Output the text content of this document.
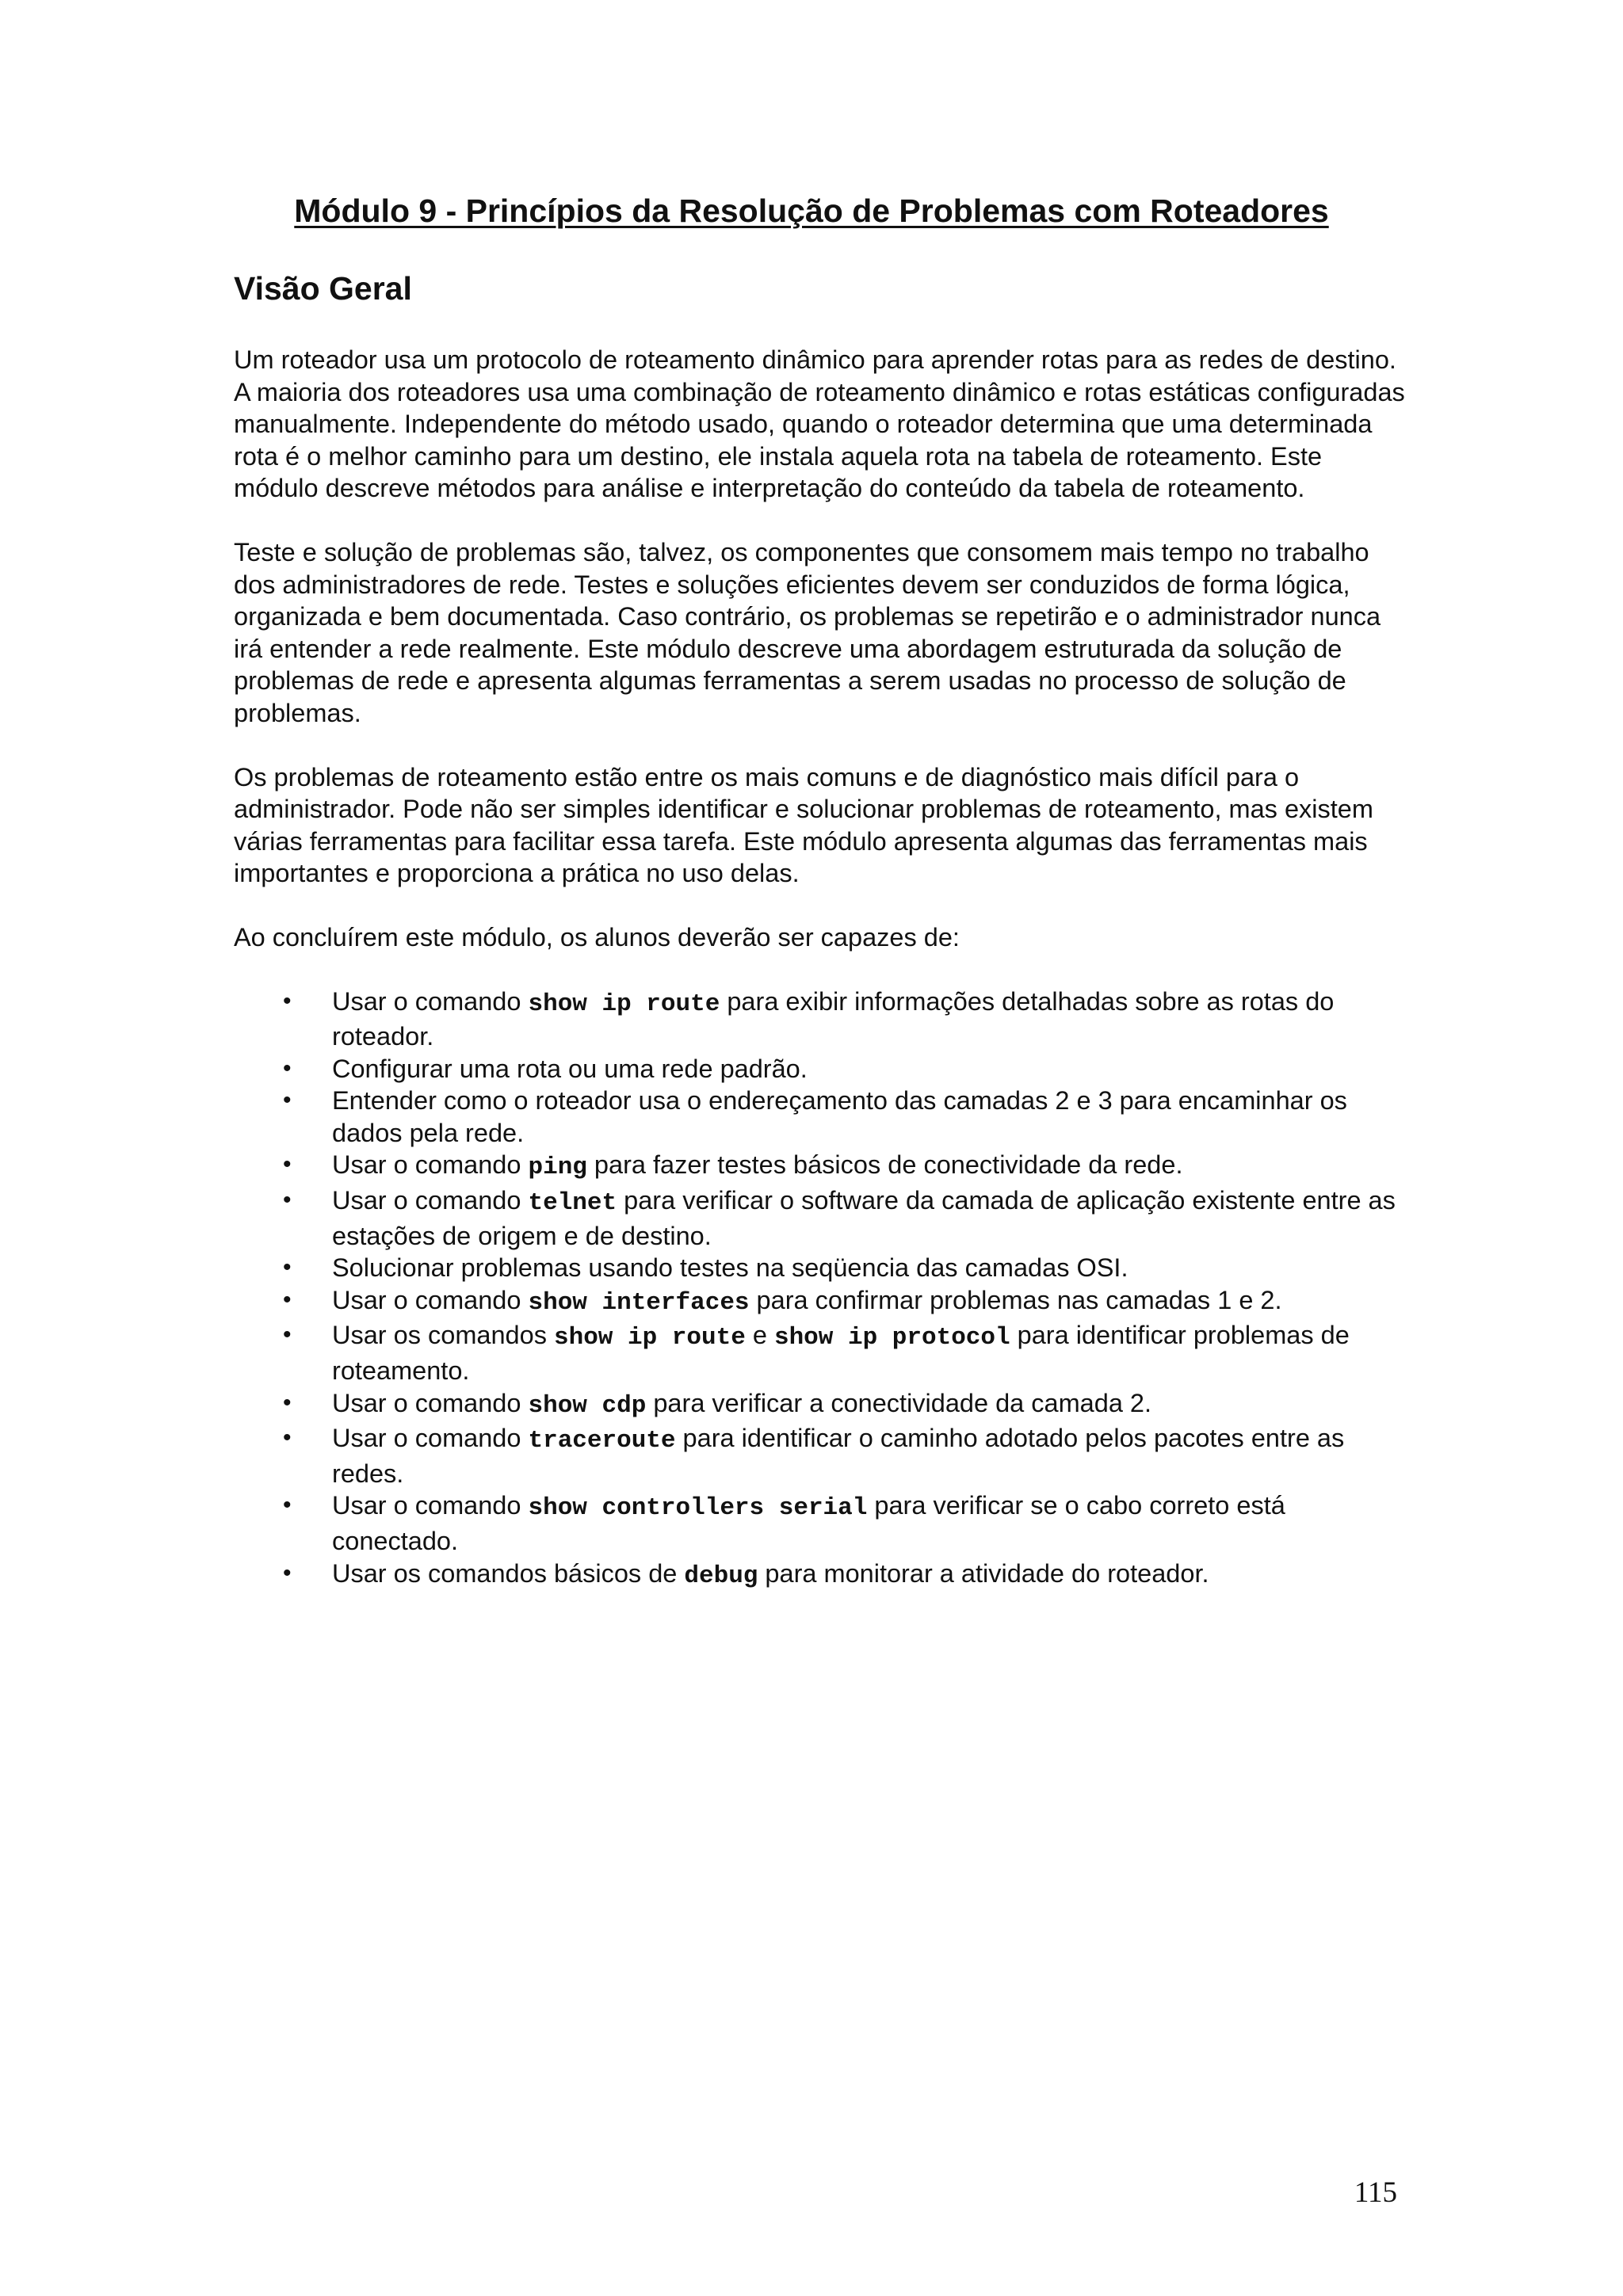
Módulo 9 - Princípios da Resolução de Problemas com Roteadores
Visão Geral

Um roteador usa um protocolo de roteamento dinâmico para aprender rotas para as redes de destino. A maioria dos roteadores usa uma combinação de roteamento dinâmico e rotas estáticas configuradas manualmente. Independente do método usado, quando o roteador determina que uma determinada rota é o melhor caminho para um destino, ele instala aquela rota na tabela de roteamento. Este módulo descreve métodos para análise e interpretação do conteúdo da tabela de roteamento.

Teste e solução de problemas são, talvez, os componentes que consomem mais tempo no trabalho dos administradores de rede. Testes e soluções eficientes devem ser conduzidos de forma lógica, organizada e bem documentada. Caso contrário, os problemas se repetirão e o administrador nunca irá entender a rede realmente. Este módulo descreve uma abordagem estruturada da solução de problemas de rede e apresenta algumas ferramentas a serem usadas no processo de solução de problemas.

Os problemas de roteamento estão entre os mais comuns e de diagnóstico mais difícil para o administrador. Pode não ser simples identificar e solucionar problemas de roteamento, mas existem várias ferramentas para facilitar essa tarefa. Este módulo apresenta algumas das ferramentas mais importantes e proporciona a prática no uso delas.

Ao concluírem este módulo, os alunos deverão ser capazes de:

• Usar o comando show ip route para exibir informações detalhadas sobre as rotas do roteador.
• Configurar uma rota ou uma rede padrão.
• Entender como o roteador usa o endereçamento das camadas 2 e 3 para encaminhar os dados pela rede.
• Usar o comando ping para fazer testes básicos de conectividade da rede.
• Usar o comando telnet para verificar o software da camada de aplicação existente entre as estações de origem e de destino.
• Solucionar problemas usando testes na seqüencia das camadas OSI.
• Usar o comando show interfaces para confirmar problemas nas camadas 1 e 2.
• Usar os comandos show ip route e show ip protocol para identificar problemas de roteamento.
• Usar o comando show cdp para verificar a conectividade da camada 2.
• Usar o comando traceroute para identificar o caminho adotado pelos pacotes entre as redes.
• Usar o comando show controllers serial para verificar se o cabo correto está conectado.
• Usar os comandos básicos de debug para monitorar a atividade do roteador.
115
